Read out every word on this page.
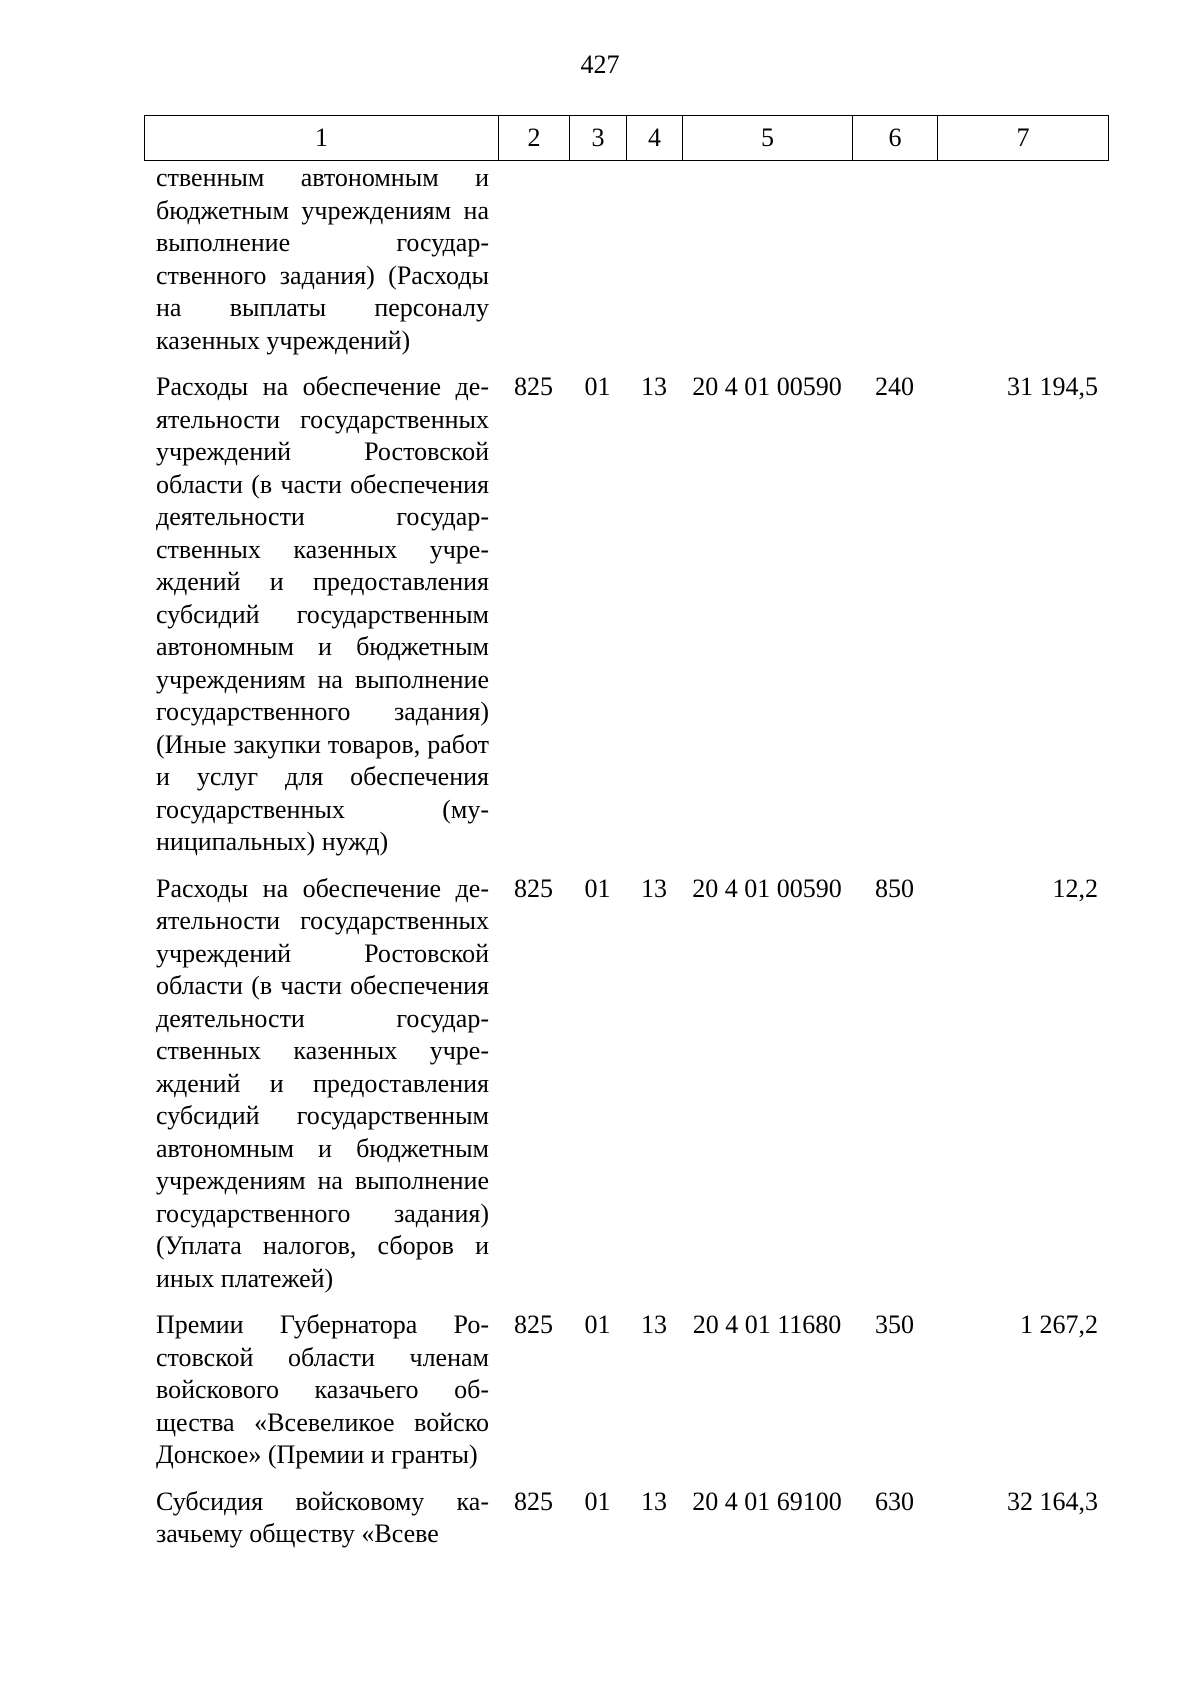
427
1	2	3	4	5	6	7
ственным автономным и бюджетным учреждениям на выполнение государственного задания) (Расходы на выплаты персоналу казенных учреждений)						
Расходы на обеспечение деятельности государственных учреждений Ростовской области (в части обеспечения деятельности государственных казенных учреждений и предоставления субсидий государственным автономным и бюджетным учреждениям на выполнение государственного задания) (Иные закупки товаров, работ и услуг для обеспечения государственных (муниципальных) нужд)	825	01	13	20 4 01 00590	240	31 194,5
Расходы на обеспечение деятельности государственных учреждений Ростовской области (в части обеспечения деятельности государственных казенных учреждений и предоставления субсидий государственным автономным и бюджетным учреждениям на выполнение государственного задания) (Уплата налогов, сборов и иных платежей)	825	01	13	20 4 01 00590	850	12,2
Премии Губернатора Ростовской области членам войскового казачьего общества «Всевеликое войско Донское» (Премии и гранты)	825	01	13	20 4 01 11680	350	1 267,2
Субсидия войсковому казачьему обществу «Всеве	825	01	13	20 4 01 69100	630	32 164,3
